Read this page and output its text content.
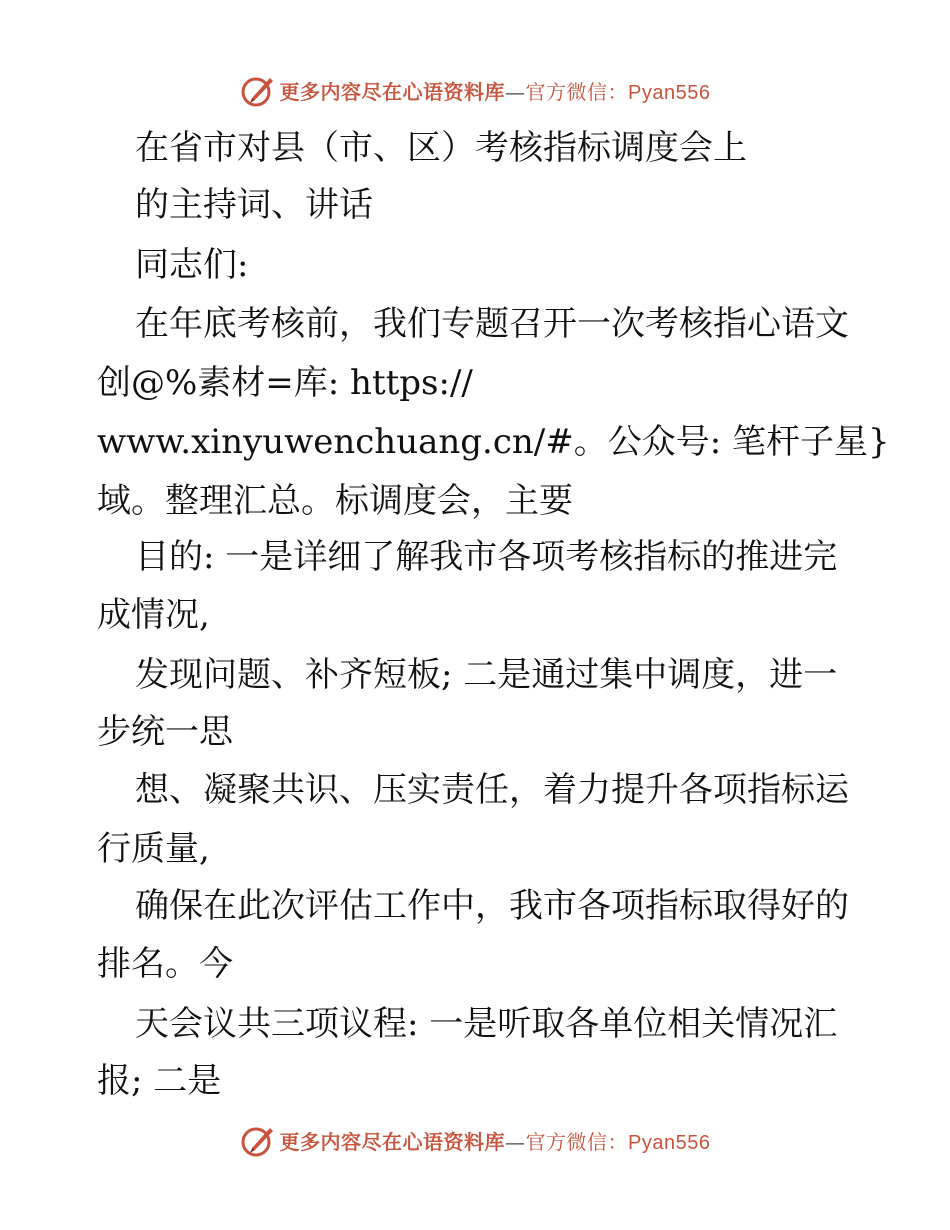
更多内容尽在心语资料库—官方微信：Pyan556
在省市对县（市、区）考核指标调度会上
的主持词、讲话
同志们:
在年底考核前，我们专题召开一次考核指心语文
创@%素材=库: https://
www.xinyuwenchuang.cn/#。公众号: 笔杆子星}
域。整理汇总。标调度会，主要
目的: 一是详细了解我市各项考核指标的推进完
成情况,
发现问题、补齐短板; 二是通过集中调度，进一
步统一思
想、凝聚共识、压实责任，着力提升各项指标运
行质量,
确保在此次评估工作中，我市各项指标取得好的
排名。今
天会议共三项议程: 一是听取各单位相关情况汇
报; 二是
更多内容尽在心语资料库—官方微信：Pyan556
